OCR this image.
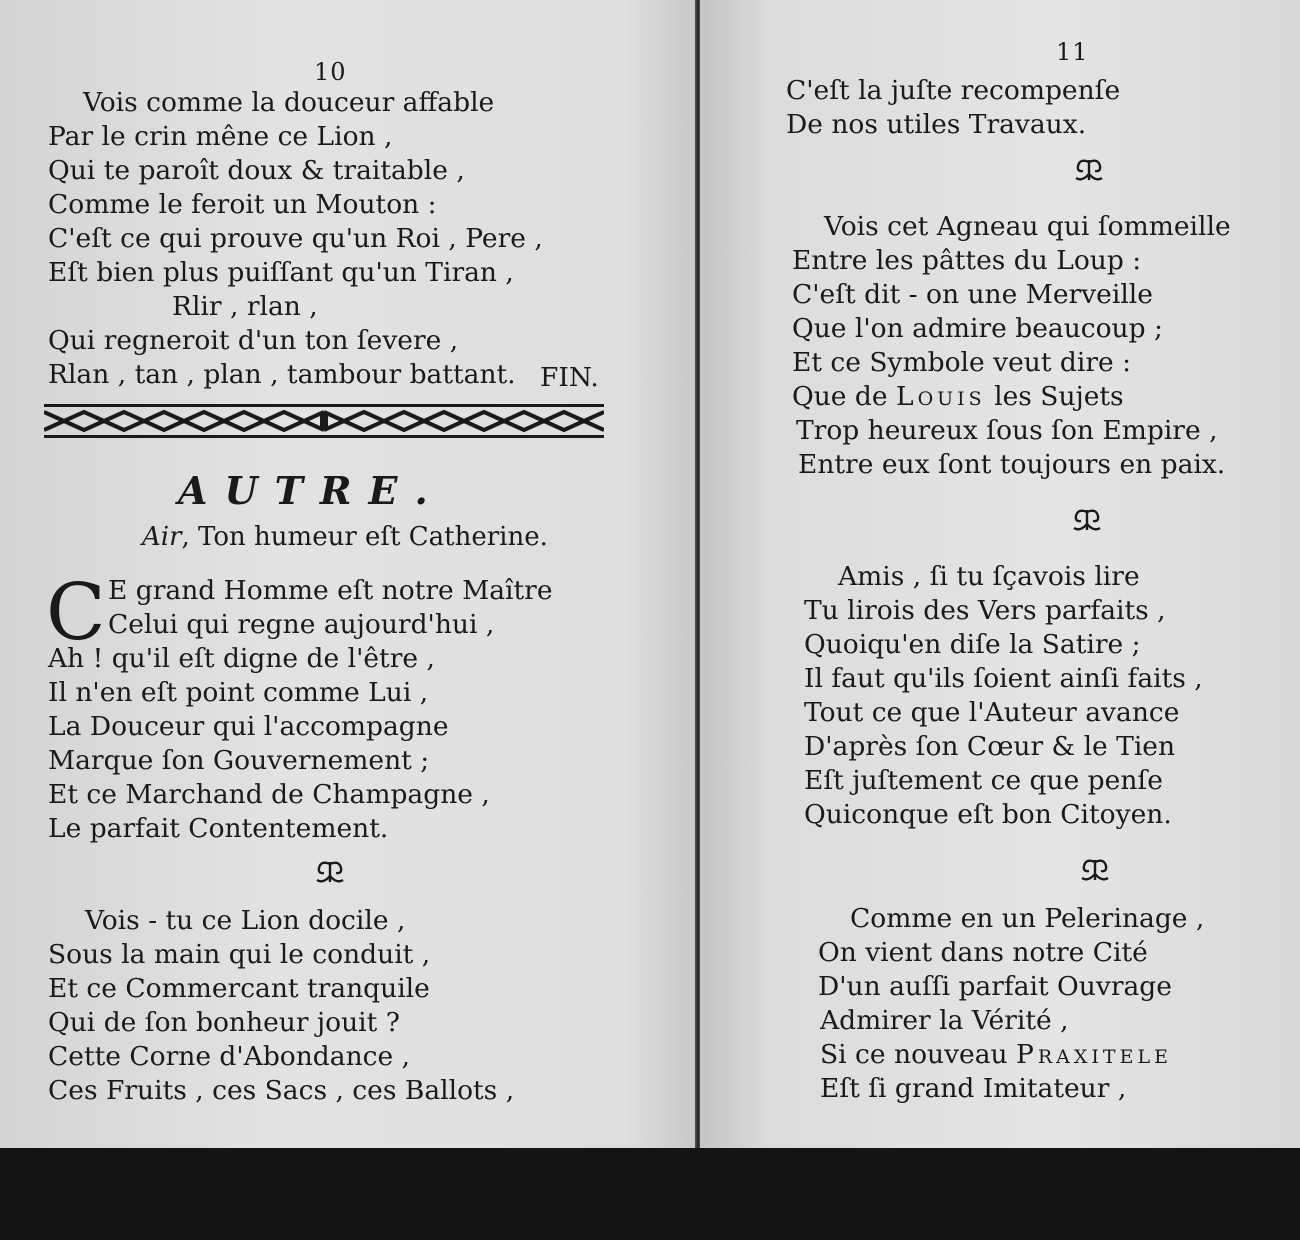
10
Vois comme la douceur affable
Par le crin mêne ce Lion ,
Qui te paroît doux & traitable ,
Comme le feroit un Mouton :
C'eſt ce qui prouve qu'un Roi , Pere ,
Eſt bien plus puiſſant qu'un Tiran ,
Rlir , rlan ,
Qui regneroit d'un ton ſevere ,
Rlan , tan , plan , tambour battant. FIN.
AUTRE.
Air, Ton humeur eſt Catherine.
C E grand Homme eſt notre Maître
Celui qui regne aujourd'hui ,
Ah ! qu'il eſt digne de l'être ,
Il n'en eſt point comme Lui ,
La Douceur qui l'accompagne
Marque ſon Gouvernement ;
Et ce Marchand de Champagne ,
Le parfait Contentement.
Vois - tu ce Lion docile ,
Sous la main qui le conduit ,
Et ce Commercant tranquile
Qui de ſon bonheur jouit ?
Cette Corne d'Abondance ,
Ces Fruits , ces Sacs , ces Ballots ,
11
C'eſt la juſte recompenſe
De nos utiles Travaux.
Vois cet Agneau qui ſommeille
Entre les pâttes du Loup :
C'eſt dit - on une Merveille
Que l'on admire beaucoup ;
Et ce Symbole veut dire :
Que de Louis les Sujets
Trop heureux ſous ſon Empire ,
Entre eux ſont toujours en paix.
Amis , ſi tu ſçavois lire
Tu lirois des Vers parfaits ,
Quoiqu'en diſe la Satire ;
Il faut qu'ils ſoient ainſi faits ,
Tout ce que l'Auteur avance
D'après ſon Cœur & le Tien
Eſt juſtement ce que penſe
Quiconque eſt bon Citoyen.
Comme en un Pelerinage ,
On vient dans notre Cité
D'un auſſi parfait Ouvrage
Admirer la Vérité ,
Si ce nouveau Praxitele
Eſt ſi grand Imitateur ,
